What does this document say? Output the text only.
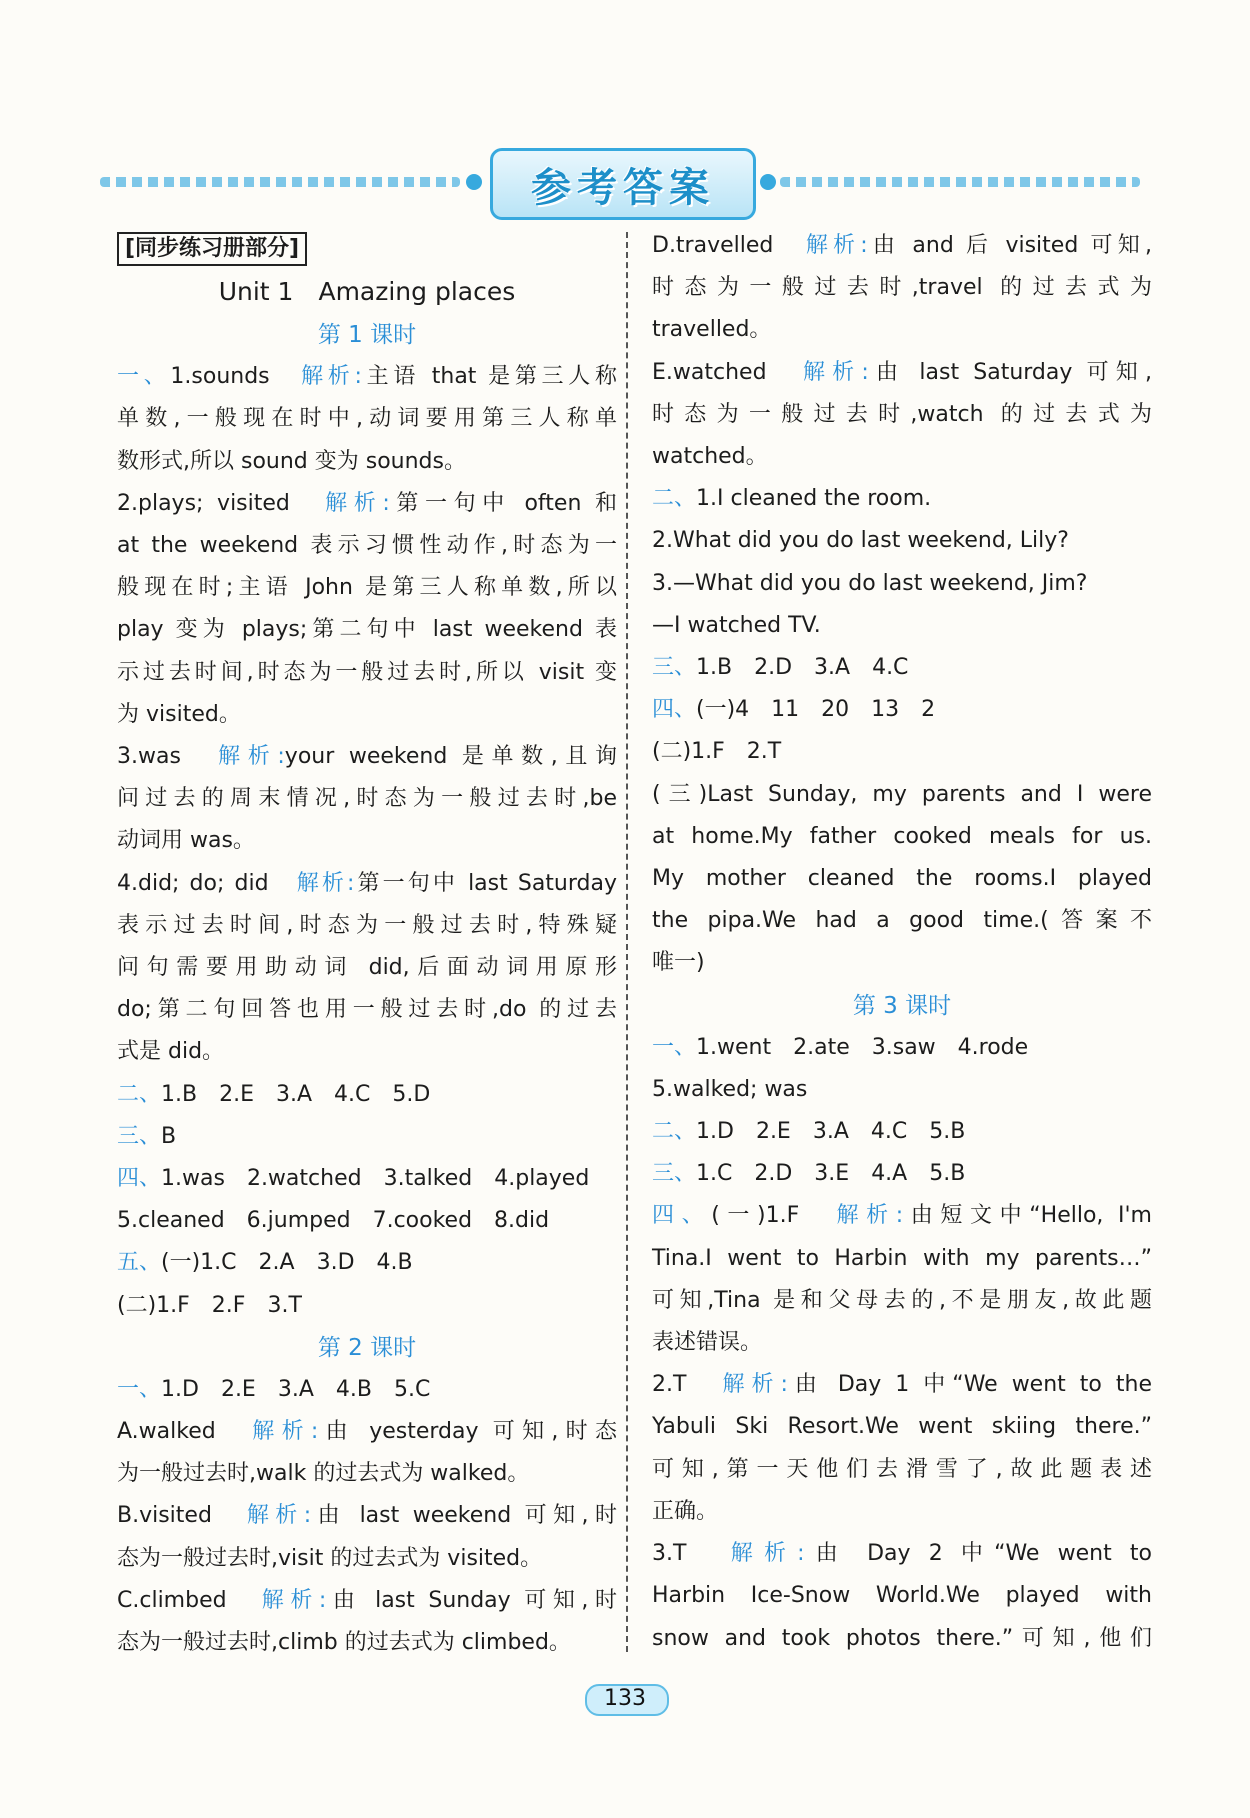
参考答案
[同步练习册部分]
Unit 1　Amazing places
第 1 课时
一、1.sounds　解析:主语 that 是第三人称
单数,一般现在时中,动词要用第三人称单
数形式,所以 sound 变为 sounds。
2.plays; visited　解析:第一句中 often 和
at the weekend 表示习惯性动作,时态为一
般现在时;主语 John 是第三人称单数,所以
play 变为 plays;第二句中 last weekend 表
示过去时间,时态为一般过去时,所以 visit 变
为 visited。
3.was　解析:your weekend 是单数,且询
问过去的周末情况,时态为一般过去时,be
动词用 was。
4.did; do; did　解析:第一句中 last Saturday
表示过去时间,时态为一般过去时,特殊疑
问句需要用助动词 did,后面动词用原形
do;第二句回答也用一般过去时,do 的过去
式是 did。
二、1.B　2.E　3.A　4.C　5.D
三、B
四、1.was　2.watched　3.talked　4.played
5.cleaned　6.jumped　7.cooked　8.did
五、(一)1.C　2.A　3.D　4.B
(二)1.F　2.F　3.T
第 2 课时
一、1.D　2.E　3.A　4.B　5.C
A.walked　解析:由 yesterday 可知,时态
为一般过去时,walk 的过去式为 walked。
B.visited　解析:由 last weekend 可知,时
态为一般过去时,visit 的过去式为 visited。
C.climbed　解析:由 last Sunday 可知,时
态为一般过去时,climb 的过去式为 climbed。
D.travelled　解析:由 and 后 visited 可知,
时态为一般过去时,travel 的过去式为
travelled。
E.watched　解析:由 last Saturday 可知,
时态为一般过去时,watch 的过去式为
watched。
二、1.I cleaned the room.
2.What did you do last weekend, Lily?
3.—What did you do last weekend, Jim?
—I watched TV.
三、1.B　2.D　3.A　4.C
四、(一)4　11　20　13　2
(二)1.F　2.T
(三)Last Sunday, my parents and I were
at home.My father cooked meals for us.
My mother cleaned the rooms.I played
the pipa.We had a good time.(答案不
唯一)
第 3 课时
一、1.went　2.ate　3.saw　4.rode
5.walked; was
二、1.D　2.E　3.A　4.C　5.B
三、1.C　2.D　3.E　4.A　5.B
四、(一)1.F　解析:由短文中“Hello, I'm
Tina.I went to Harbin with my parents…”
可知,Tina 是和父母去的,不是朋友,故此题
表述错误。
2.T　解析:由 Day 1 中“We went to the
Yabuli Ski Resort.We went skiing there.”
可知,第一天他们去滑雪了,故此题表述
正确。
3.T　解析:由 Day 2 中“We went to
Harbin Ice-Snow World.We played with
snow and took photos there.”可知,他们
133
